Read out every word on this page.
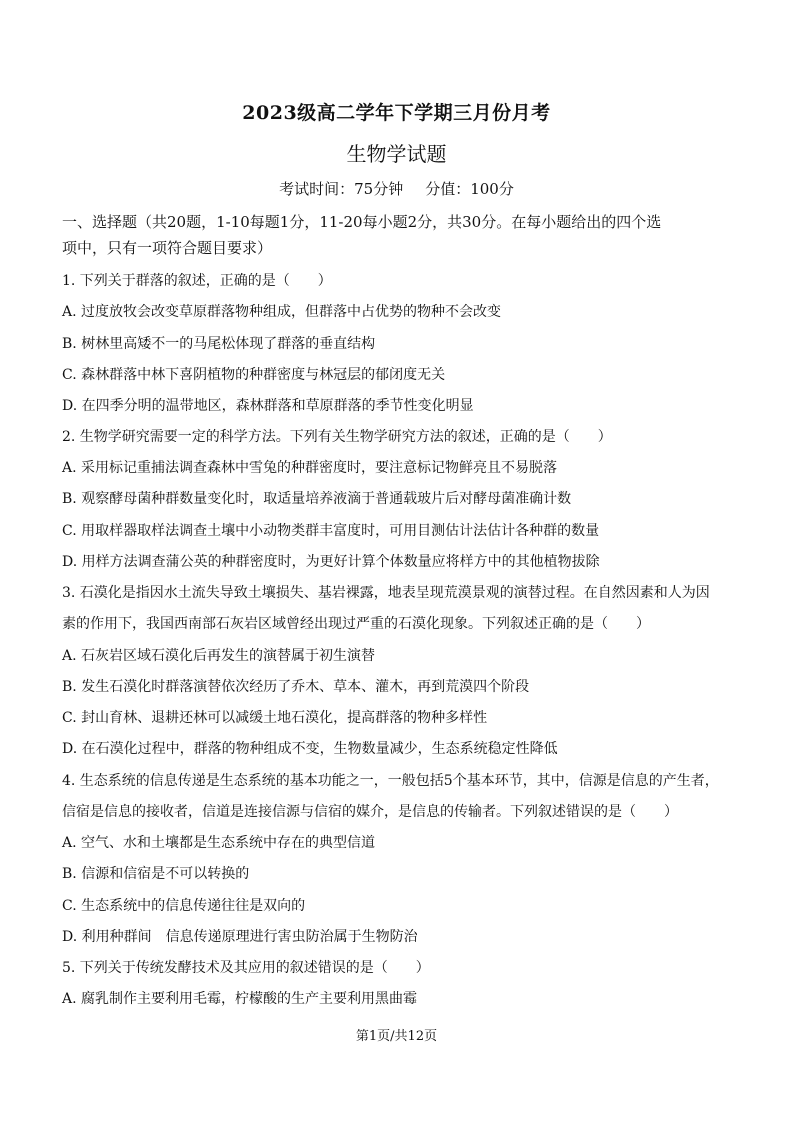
2023级高二学年下学期三月份月考
生物学试题
考试时间：75分钟 分值：100分
一、选择题（共20题，1-10每题1分，11-20每小题2分，共30分。在每小题给出的四个选
项中，只有一项符合题目要求）
1. 下列关于群落的叙述，正确的是（　　）
A. 过度放牧会改变草原群落物种组成，但群落中占优势的物种不会改变
B. 树林里高矮不一的马尾松体现了群落的垂直结构
C. 森林群落中林下喜阴植物的种群密度与林冠层的郁闭度无关
D. 在四季分明的温带地区，森林群落和草原群落的季节性变化明显
2. 生物学研究需要一定的科学方法。下列有关生物学研究方法的叙述，正确的是（　　）
A. 采用标记重捕法调查森林中雪兔的种群密度时，要注意标记物鲜亮且不易脱落
B. 观察酵母菌种群数量变化时，取适量培养液滴于普通载玻片后对酵母菌准确计数
C. 用取样器取样法调查土壤中小动物类群丰富度时，可用目测估计法估计各种群的数量
D. 用样方法调查蒲公英的种群密度时，为更好计算个体数量应将样方中的其他植物拔除
3. 石漠化是指因水土流失导致土壤损失、基岩裸露，地表呈现荒漠景观的演替过程。在自然因素和人为因
素的作用下，我国西南部石灰岩区域曾经出现过严重的石漠化现象。下列叙述正确的是（　　）
A. 石灰岩区域石漠化后再发生的演替属于初生演替
B. 发生石漠化时群落演替依次经历了乔木、草本、灌木，再到荒漠四个阶段
C. 封山育林、退耕还林可以减缓土地石漠化，提高群落的物种多样性
D. 在石漠化过程中，群落的物种组成不变，生物数量减少，生态系统稳定性降低
4. 生态系统的信息传递是生态系统的基本功能之一，一般包括5个基本环节，其中，信源是信息的产生者，
信宿是信息的接收者，信道是连接信源与信宿的媒介，是信息的传输者。下列叙述错误的是（　　）
A. 空气、水和土壤都是生态系统中存在的典型信道
B. 信源和信宿是不可以转换的
C. 生态系统中的信息传递往往是双向的
D. 利用种群间　信息传递原理进行害虫防治属于生物防治
5. 下列关于传统发酵技术及其应用的叙述错误的是（　　）
A. 腐乳制作主要利用毛霉，柠檬酸的生产主要利用黑曲霉
第1页/共12页
